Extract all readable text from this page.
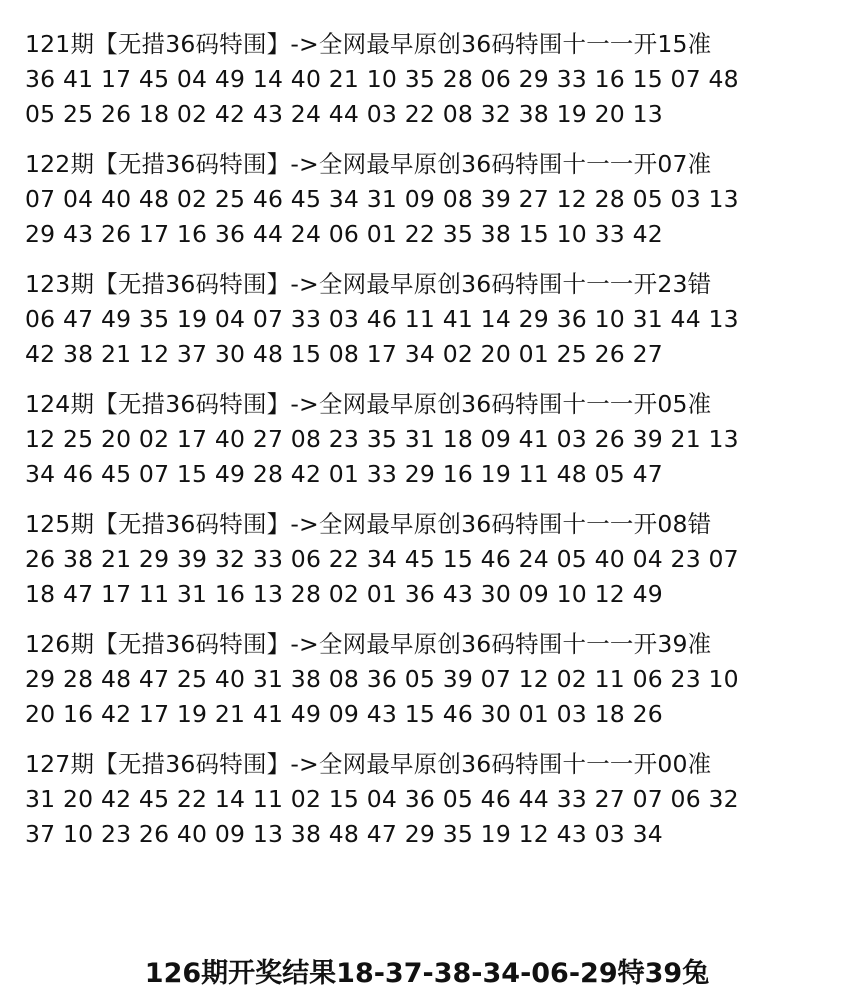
121期【无措36码特围】->全网最早原创36码特围十一一开15准
36 41 17 45 04 49 14 40 21 10 35 28 06 29 33 16 15 07 48
05 25 26 18 02 42 43 24 44 03 22 08 32 38 19 20 13
122期【无措36码特围】->全网最早原创36码特围十一一开07准
07 04 40 48 02 25 46 45 34 31 09 08 39 27 12 28 05 03 13
29 43 26 17 16 36 44 24 06 01 22 35 38 15 10 33 42
123期【无措36码特围】->全网最早原创36码特围十一一开23错
06 47 49 35 19 04 07 33 03 46 11 41 14 29 36 10 31 44 13
42 38 21 12 37 30 48 15 08 17 34 02 20 01 25 26 27
124期【无措36码特围】->全网最早原创36码特围十一一开05准
12 25 20 02 17 40 27 08 23 35 31 18 09 41 03 26 39 21 13
34 46 45 07 15 49 28 42 01 33 29 16 19 11 48 05 47
125期【无措36码特围】->全网最早原创36码特围十一一开08错
26 38 21 29 39 32 33 06 22 34 45 15 46 24 05 40 04 23 07
18 47 17 11 31 16 13 28 02 01 36 43 30 09 10 12 49
126期【无措36码特围】->全网最早原创36码特围十一一开39准
29 28 48 47 25 40 31 38 08 36 05 39 07 12 02 11 06 23 10
20 16 42 17 19 21 41 49 09 43 15 46 30 01 03 18 26
127期【无措36码特围】->全网最早原创36码特围十一一开00准
31 20 42 45 22 14 11 02 15 04 36 05 46 44 33 27 07 06 32
37 10 23 26 40 09 13 38 48 47 29 35 19 12 43 03 34
126期开奖结果18-37-38-34-06-29特39兔
